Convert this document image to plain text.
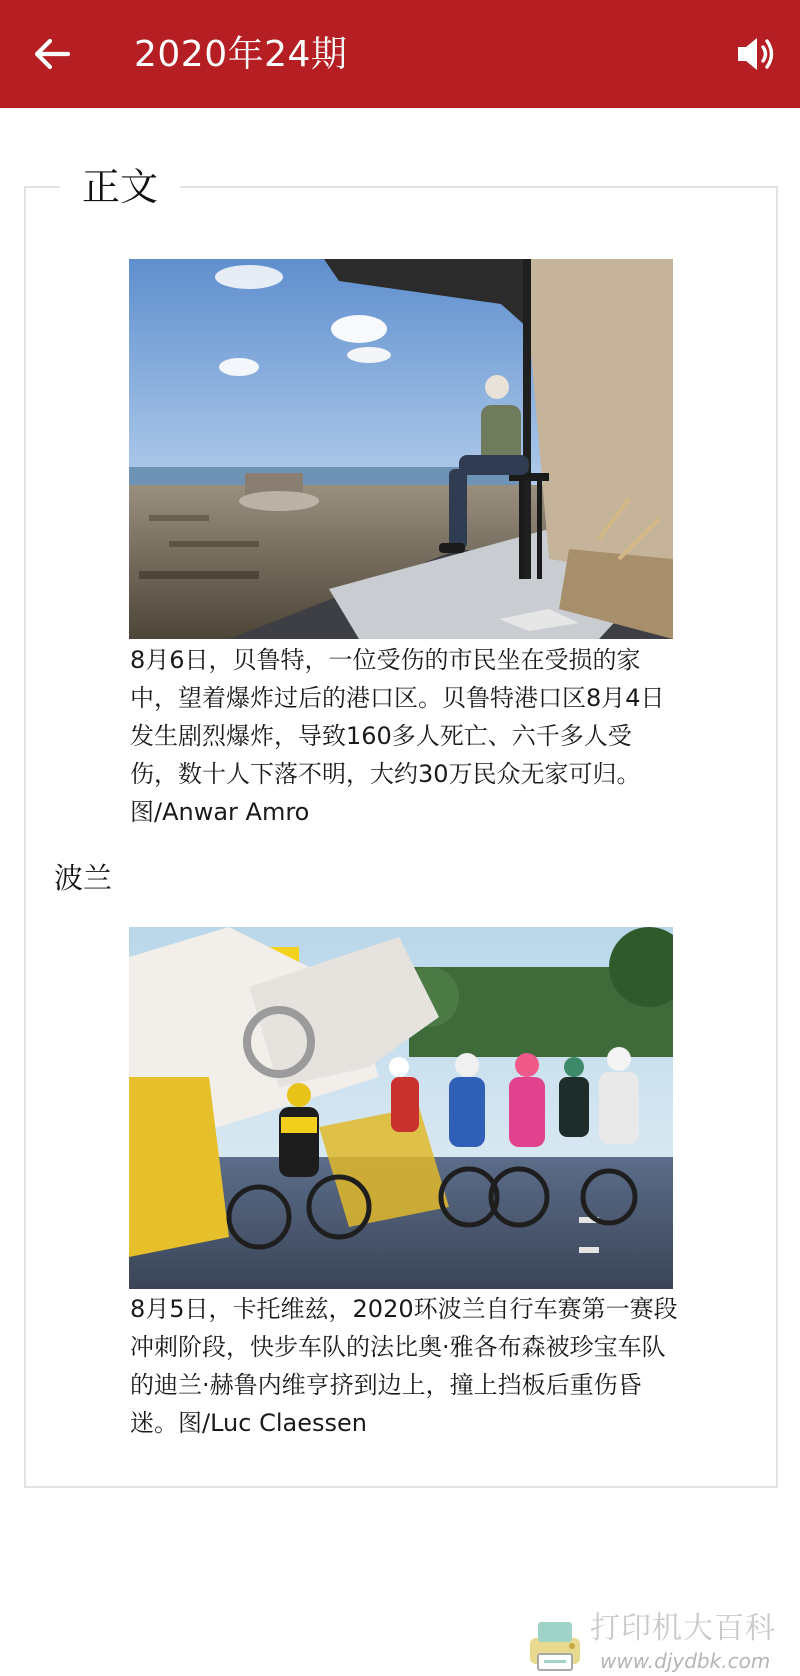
2020年24期
正文
8月6日，贝鲁特，一位受伤的市民坐在受损的家中，望着爆炸过后的港口区。贝鲁特港口区8月4日发生剧烈爆炸，导致160多人死亡、六千多人受伤，数十人下落不明，大约30万民众无家可归。图/Anwar Amro
波兰
8月5日，卡托维兹，2020环波兰自行车赛第一赛段冲刺阶段，快步车队的法比奥·雅各布森被珍宝车队的迪兰·赫鲁内维亨挤到边上，撞上挡板后重伤昏迷。图/Luc Claessen
打印机大百科
www.djydbk.com
